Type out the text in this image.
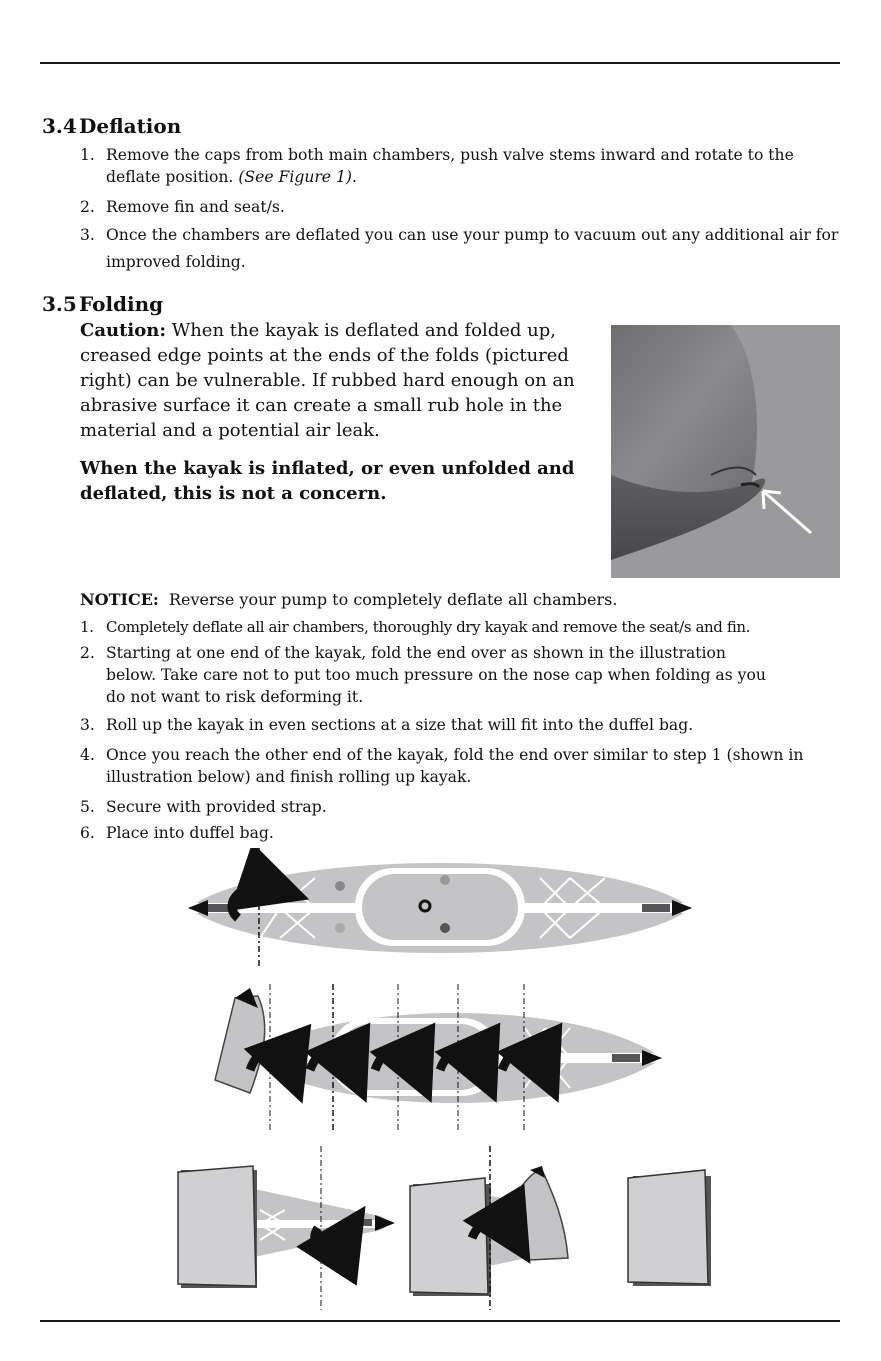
3.4 Deflation
1. Remove the caps from both main chambers, push valve stems inward and rotate to the deflate position. (See Figure 1).
2. Remove fin and seat/s.
3. Once the chambers are deflated you can use your pump to vacuum out any additional air for improved folding.
3.5 Folding
Caution: When the kayak is deflated and folded up, creased edge points at the ends of the folds (pictured right) can be vulnerable. If rubbed hard enough on an abrasive surface it can create a small rub hole in the material and a potential air leak.
When the kayak is inflated, or even unfolded and deflated, this is not a concern.
NOTICE: Reverse your pump to completely deflate all chambers.
1. Completely deflate all air chambers, thoroughly dry kayak and remove the seat/s and fin.
2. Starting at one end of the kayak, fold the end over as shown in the illustration below. Take care not to put too much pressure on the nose cap when folding as you do not want to risk deforming it.
3. Roll up the kayak in even sections at a size that will fit into the duffel bag.
4. Once you reach the other end of the kayak, fold the end over similar to step 1 (shown in illustration below) and finish rolling up kayak.
5. Secure with provided strap.
6. Place into duffel bag.
